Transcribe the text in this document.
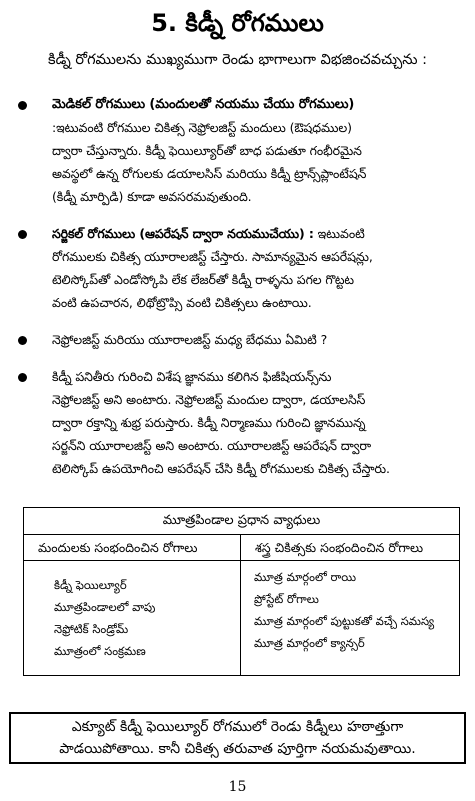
5. కిడ్నీ రోగములు
కిడ్నీ రోగములను ముఖ్యముగా రెండు భాగాలుగా విభజించవచ్చును :
మెడికల్ రోగములు (మందులతో నయము చేయు రోగములు)
:ఇటువంటి రోగముల చికిత్స నెఫ్రోలజిస్ట్ మందులు (ఔషధముల)
ద్వారా చేస్తున్నారు. కిడ్నీ ఫెయిల్యూర్‌తో బాధ పడుతూ గంభీరమైన
అవస్థలో ఉన్న రోగులకు డయాలసిస్ మరియు కిడ్నీ ట్రాన్స్‌ప్లాంటేషన్
(కిడ్నీ మార్పిడి) కూడా అవసరమవుతుంది.
సర్జికల్ రోగములు (ఆపరేషన్ ద్వారా నయముచేయు) : ఇటువంటి
రోగములకు చికిత్స యూరాలజిస్ట్ చేస్తారు. సామాన్యమైన ఆపరేషన్లు,
టెలిస్కోప్‌తో ఎండోస్కోపి లేక లేజర్‌తో కిడ్నీ రాళ్ళను పగల గొట్టట
వంటి ఉపచారన, లిథోట్రొప్సి వంటి చికిత్సలు ఉంటాయి.
నెఫ్రోలజిస్ట్ మరియు యూరాలజిస్ట్ మధ్య బేధము ఏమిటి ?
కిడ్నీ పనితీరు గురించి విశేష జ్ఞానము కలిగిన ఫిజీషియన్స్‌ను
నెఫ్రోలజిస్ట్ అని అంటారు. నెఫ్రోలజిస్ట్ మందుల ద్వారా, డయాలసిస్
ద్వారా రక్తాన్ని శుభ్ర పరుస్తారు. కిడ్నీ నిర్మాణము గురించి జ్ఞానమున్న
సర్జన్‌ని యూరాలజిస్ట్ అని అంటారు. యూరాలజిస్ట్ ఆపరేషన్ ద్వారా
టెలిస్కోప్ ఉపయోగించి ఆపరేషన్ చేసి కిడ్నీ రోగములకు చికిత్స చేస్తారు.
మూత్రపిండాల ప్రధాన వ్యాధులు
మందులకు సంభందించిన రోగాలు	శస్త్ర చికిత్సకు సంభందించిన రోగాలు
కిడ్నీ ఫెయిల్యూర్
మూత్రపిండాలలో వాపు
నెఫ్రోటిక్ సిండ్రోమ్
మూత్రంలో సంక్రమణ
మూత్ర మార్గంలో రాయి
ప్రోస్టేట్ రోగాలు
మూత్ర మార్గంలో పుట్టుకతో వచ్చే సమస్య
మూత్ర మార్గంలో క్యాన్సర్
ఎక్యూట్ కిడ్నీ ఫెయిల్యూర్ రోగములో రెండు కిడ్నీలు హఠాత్తుగా
పాడయిపోతాయి. కానీ చికిత్స తరువాత పూర్తిగా నయమవుతాయి.
15
